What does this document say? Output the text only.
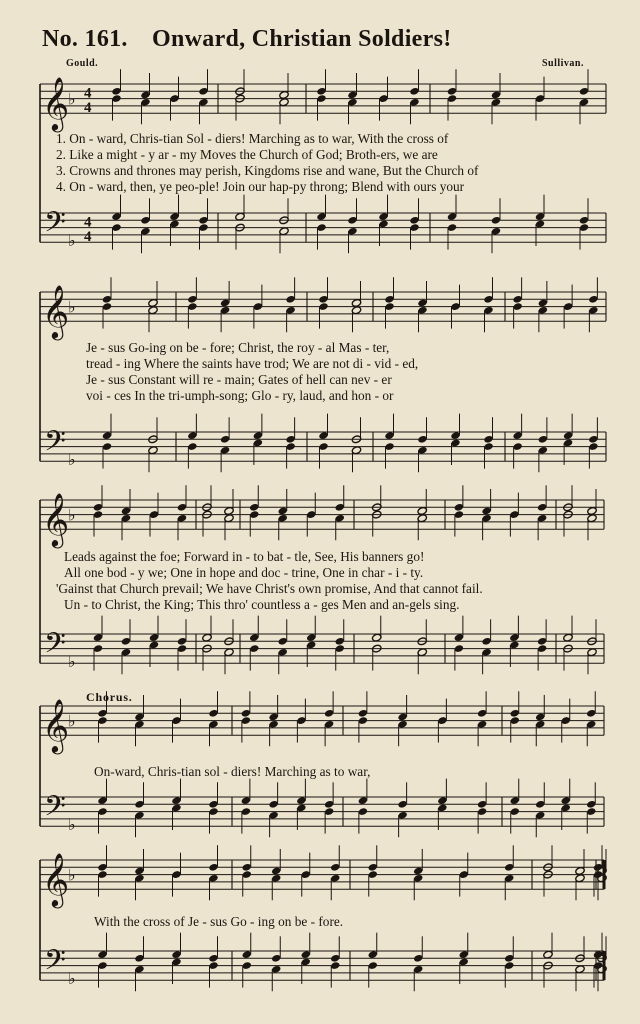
No. 161. Onward, Christian Soldiers!
Gould.	Sullivan.
𝄞
𝄢
♭
♭
4
4
4
4
𝄞
𝄢
♭
♭
𝄞
𝄢
♭
♭
𝄞
𝄢
♭
♭
𝄞
𝄢
♭
♭
1. On - ward, Chris-tian Sol - diers! Marching as to war, With the cross of
2. Like a might - y ar - my Moves the Church of God; Broth-ers, we are
3. Crowns and thrones may perish, Kingdoms rise and wane, But the Church of
4. On - ward, then, ye peo-ple! Join our hap-py throng; Blend with ours your
Je - sus Go-ing on be - fore; Christ, the roy - al Mas - ter,
tread - ing Where the saints have trod; We are not di - vid - ed,
Je - sus Constant will re - main; Gates of hell can nev - er
voi - ces In the tri-umph-song; Glo - ry, laud, and hon - or
Leads against the foe; Forward in - to bat - tle, See, His banners go!
All one bod - y we; One in hope and doc - trine, One in char - i - ty.
'Gainst that Church prevail; We have Christ's own promise, And that cannot fail.
Un - to Christ, the King; This thro' countless a - ges Men and an-gels sing.
Chorus.
On-ward, Chris-tian sol - diers! Marching as to war,
With the cross of Je - sus Go - ing on be - fore.
